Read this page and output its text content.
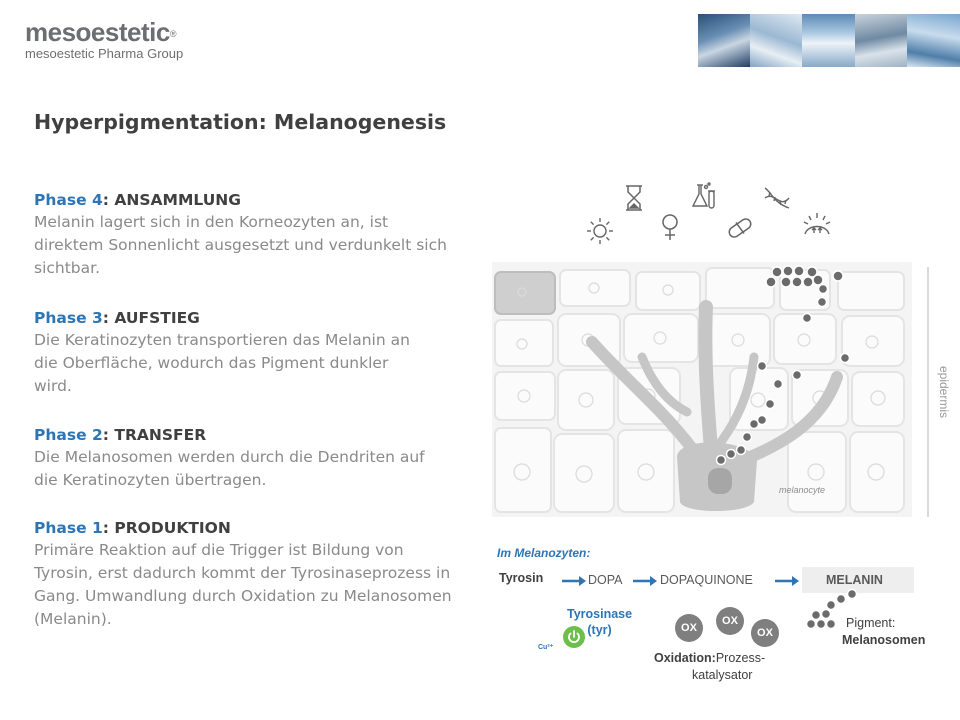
mesoestetic®
mesoestetic Pharma Group
Hyperpigmentation: Melanogenesis
Phase 4: ANSAMMLUNG
Melanin lagert sich in den Korneozyten an, ist direktem Sonnenlicht ausgesetzt und verdunkelt sich sichtbar.
Phase 3: AUFSTIEG
Die Keratinozyten transportieren das Melanin an die Oberfläche, wodurch das Pigment dunkler wird.
Phase 2: TRANSFER
Die Melanosomen werden durch die Dendriten auf die Keratinozyten übertragen.
Phase 1: PRODUKTION
Primäre Reaktion auf die Trigger ist Bildung von Tyrosin, erst dadurch kommt der Tyrosinaseprozess in Gang. Umwandlung durch Oxidation zu Melanosomen (Melanin).
melanocyte
epidermis
Im Melanozyten:
Tyrosin	DOPA	DOPAQUINONE	MELANIN
Tyrosinase
(tyr)
Cu²⁺
OX
OX
OX
Oxidation:Prozess-
katalysator
Pigment:
Melanosomen
